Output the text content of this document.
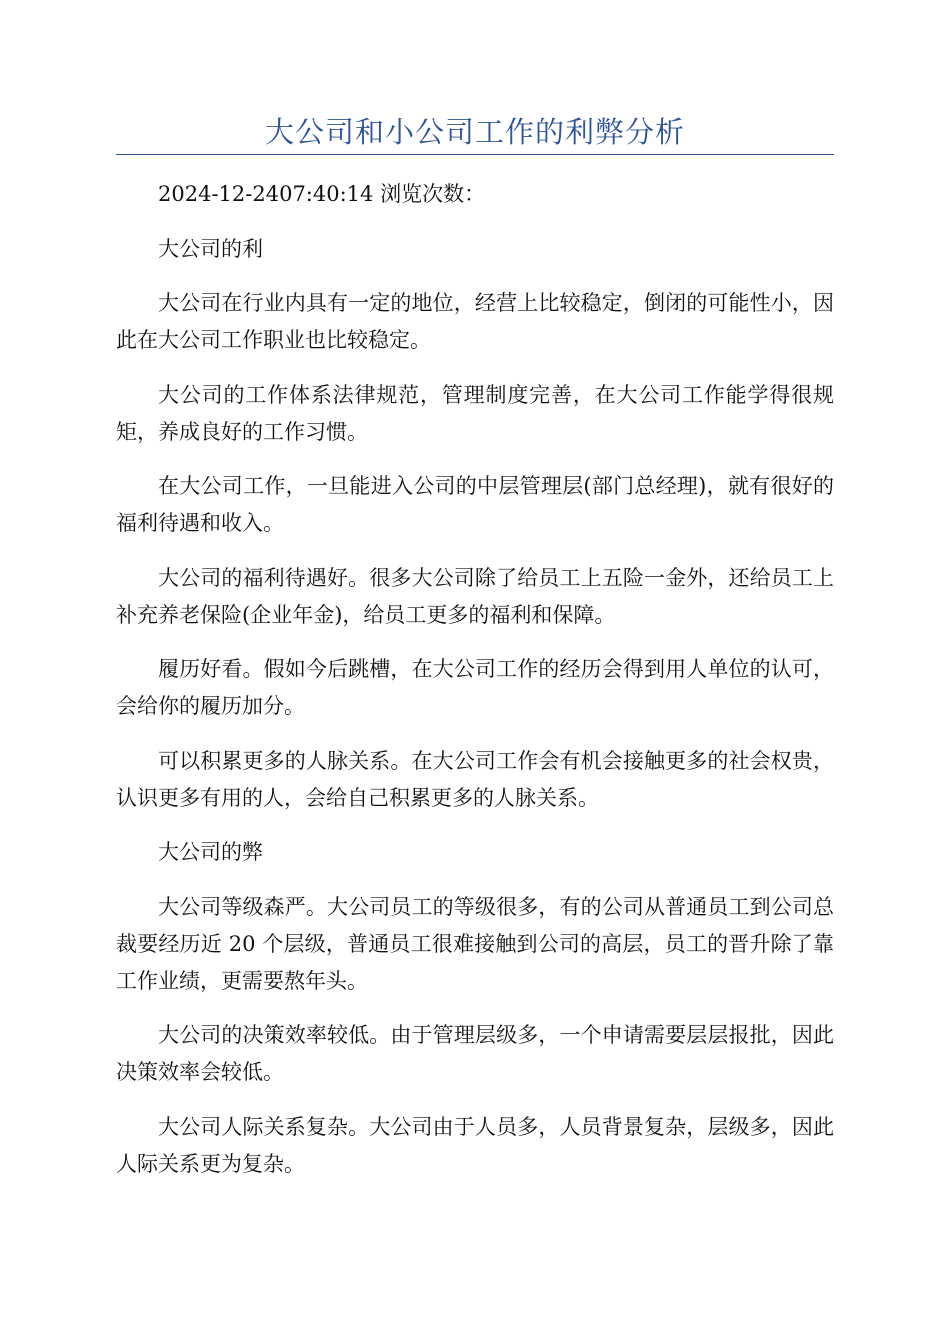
大公司和小公司工作的利弊分析

2024-12-2407:40:14 浏览次数：

大公司的利

大公司在行业内具有一定的地位，经营上比较稳定，倒闭的可能性小，因此在大公司工作职业也比较稳定。

大公司的工作体系法律规范，管理制度完善，在大公司工作能学得很规矩，养成良好的工作习惯。

在大公司工作，一旦能进入公司的中层管理层(部门总经理)，就有很好的福利待遇和收入。

大公司的福利待遇好。很多大公司除了给员工上五险一金外，还给员工上补充养老保险(企业年金)，给员工更多的福利和保障。

履历好看。假如今后跳槽，在大公司工作的经历会得到用人单位的认可，会给你的履历加分。

可以积累更多的人脉关系。在大公司工作会有机会接触更多的社会权贵，认识更多有用的人，会给自己积累更多的人脉关系。

大公司的弊

大公司等级森严。大公司员工的等级很多，有的公司从普通员工到公司总裁要经历近 20 个层级，普通员工很难接触到公司的高层，员工的晋升除了靠工作业绩，更需要熬年头。

大公司的决策效率较低。由于管理层级多，一个申请需要层层报批，因此决策效率会较低。

大公司人际关系复杂。大公司由于人员多，人员背景复杂，层级多，因此人际关系更为复杂。
